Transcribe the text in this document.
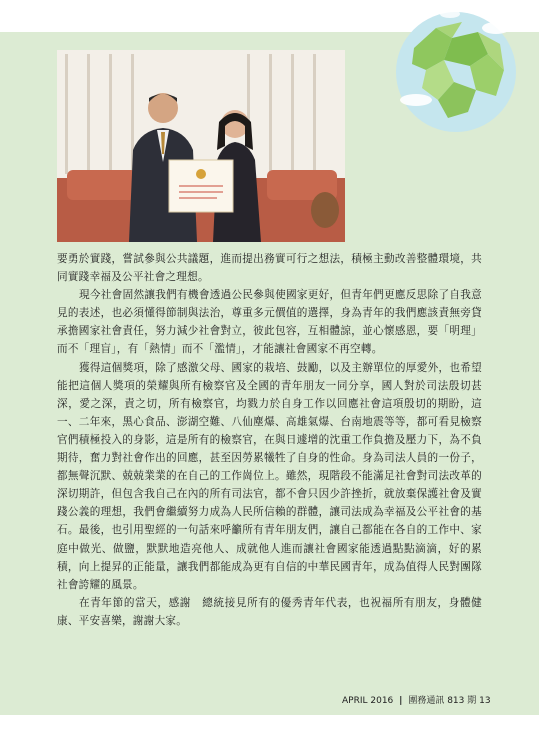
要勇於實踐，嘗試參與公共議題，進而提出務實可行之想法，積極主動改善整體環境，共同實踐幸福及公平社會之理想。

現今社會固然讓我們有機會透過公民參與使國家更好，但青年們更應反思除了自我意見的表述，也必須懂得節制與法治，尊重多元價值的選擇，身為青年的我們應該責無旁貸承擔國家社會責任，努力減少社會對立，彼此包容，互相體諒，並心懷感恩，要「明理」而不「理盲」，有「熱情」而不「濫情」，才能讓社會國家不再空轉。

獲得這個獎項，除了感激父母、國家的栽培、鼓勵，以及主辦單位的厚愛外，也希望能把這個人獎項的榮耀與所有檢察官及全國的青年朋友一同分享，國人對於司法殷切甚深，愛之深，責之切，所有檢察官，均戮力於自身工作以回應社會這項殷切的期盼，這一、二年來，黑心食品、澎湖空難、八仙塵爆、高雄氣爆、台南地震等等，都可看見檢察官們積極投入的身影，這是所有的檢察官，在與日遽增的沈重工作負擔及壓力下，為不負期待，奮力對社會作出的回應，甚至因勞累犧牲了自身的性命。身為司法人員的一份子，都無聲沉默、兢兢業業的在自己的工作崗位上。雖然，現階段不能滿足社會對司法改革的深切期許，但包含我自己在內的所有司法官，都不會只因少許挫折，就放棄保護社會及實踐公義的理想，我們會繼續努力成為人民所信賴的群體，讓司法成為幸福及公平社會的基石。最後，也引用聖經的一句話來呼籲所有青年朋友們，讓自己都能在各自的工作中、家庭中做光、做鹽，默默地造亮他人、成就他人進而讓社會國家能透過點點滴滴，好的累積，向上提昇的正能量，讓我們都能成為更有自信的中華民國青年，成為值得人民對團隊社會誇耀的風景。

在青年節的當天，感謝　總統接見所有的優秀青年代表，也祝福所有朋友，身體健康、平安喜樂，謝謝大家。

APRIL 2016 | 團務通訊 813 期 13
